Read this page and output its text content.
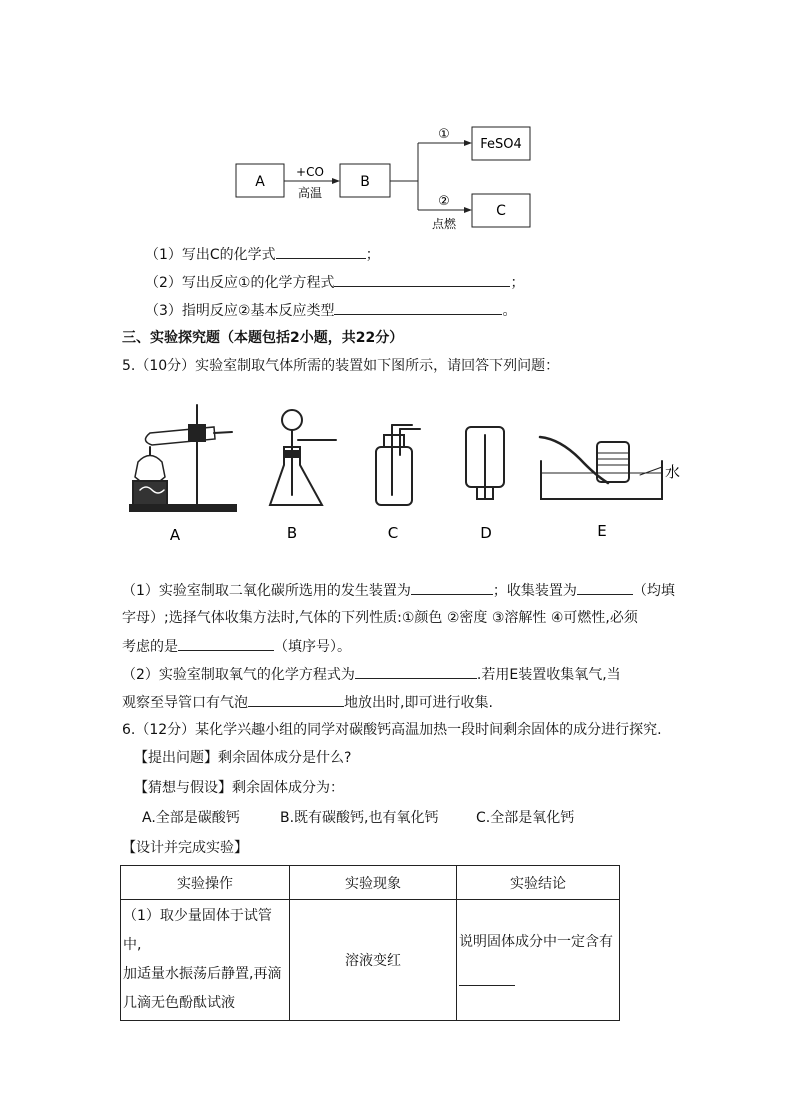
A	B
FeSO4
C
+CO
高温
①
②
点燃
（1）写出C的化学式	；
（2）写出反应①的化学方程式	；
（3）指明反应②基本反应类型	。
三、实验探究题（本题包括2小题，共22分）
5.（10分）实验室制取气体所需的装置如下图所示，请回答下列问题：
A	B	C	D	E
水
（1）实验室制取二氧化碳所选用的发生装置为	；收集装置为	（均填
字母）;选择气体收集方法时,气体的下列性质:①颜色 ②密度 ③溶解性 ④可燃性,必须
考虑的是	（填序号）。
（2）实验室制取氧气的化学方程式为	.若用E装置收集氧气,当
观察至导管口有气泡	地放出时,即可进行收集.
6.（12分）某化学兴趣小组的同学对碳酸钙高温加热一段时间剩余固体的成分进行探究.
【提出问题】剩余固体成分是什么?
【猜想与假设】剩余固体成分为：
A.全部是碳酸钙	B.既有碳酸钙,也有氧化钙	C.全部是氧化钙
【设计并完成实验】
实验操作	实验现象	实验结论

（1）取少量固体于试管中,
加适量水振荡后静置,再滴
几滴无色酚酞试液	溶液变红	说明固体成分中一定含有
